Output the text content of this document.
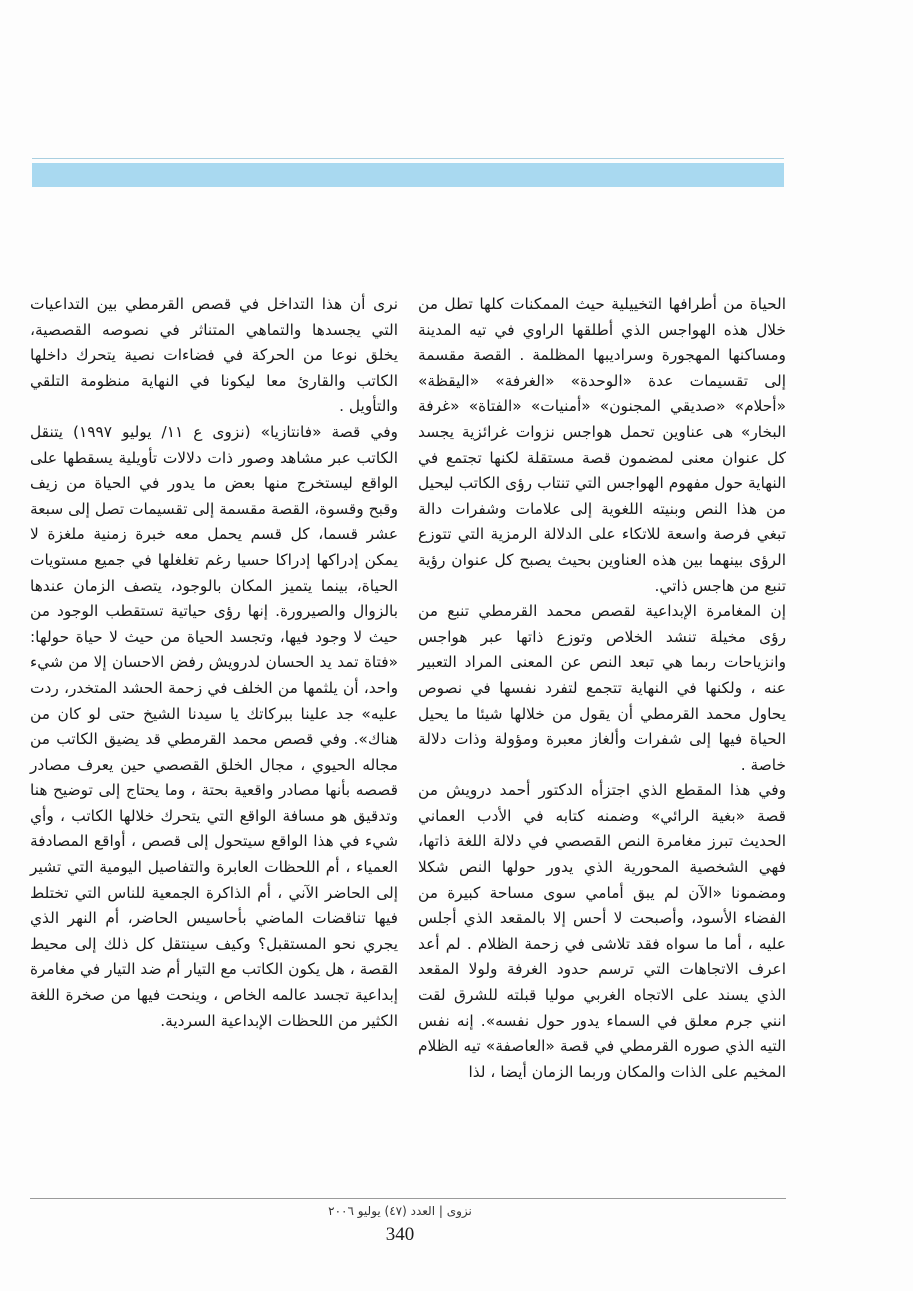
الحياة من أطرافها التخييلية حيث الممكنات كلها تطل من خلال هذه الهواجس الذي أطلقها الراوي في تيه المدينة ومساكنها المهجورة وسراديبها المظلمة . القصة مقسمة إلى تقسيمات عدة «الوحدة» «الغرفة» «اليقظة» «أحلام» «صديقي المجنون» «أمنيات» «الفتاة» «غرفة البخار» هى عناوين تحمل هواجس نزوات غرائزية يجسد كل عنوان معنى لمضمون قصة مستقلة لكنها تجتمع في النهاية حول مفهوم الهواجس التي تنتاب رؤى الكاتب ليحيل من هذا النص وبنيته اللغوية إلى علامات وشفرات دالة تبغي فرصة واسعة للاتكاء على الدلالة الرمزية التي تتوزع الرؤى بينهما بين هذه العناوين بحيث يصبح كل عنوان رؤية تنبع من هاجس ذاتي.

إن المغامرة الإبداعية لقصص محمد القرمطي تنبع من رؤى مخيلة تنشد الخلاص وتوزع ذاتها عبر هواجس وانزياحات ربما هي تبعد النص عن المعنى المراد التعبير عنه ، ولكنها في النهاية تتجمع لتفرد نفسها في نصوص يحاول محمد القرمطي أن يقول من خلالها شيئا ما يحيل الحياة فيها إلى شفرات وألغاز معبرة ومؤولة وذات دلالة خاصة .

وفي هذا المقطع الذي اجتزأه الدكتور أحمد درويش من قصة «بغية الرائي» وضمنه كتابه في الأدب العماني الحديث تبرز مغامرة النص القصصي في دلالة اللغة ذاتها، فهي الشخصية المحورية الذي يدور حولها النص شكلا ومضمونا «الآن لم يبق أمامي سوى مساحة كبيرة من الفضاء الأسود، وأصبحت لا أحس إلا بالمقعد الذي أجلس عليه ، أما ما سواه فقد تلاشى في زحمة الظلام . لم أعد اعرف الاتجاهات التي ترسم حدود الغرفة ولولا المقعد الذي يسند على الاتجاه الغربي موليا قبلته للشرق لقت انني جرم معلق في السماء يدور حول نفسه». إنه نفس التيه الذي صوره القرمطي في قصة «العاصفة» تيه الظلام المخيم على الذات والمكان وربما الزمان أيضا ، لذا

نرى أن هذا التداخل في قصص القرمطي بين التداعيات التي يجسدها والتماهي المتناثر في نصوصه القصصية، يخلق نوعا من الحركة في فضاءات نصية يتحرك داخلها الكاتب والقارئ معا ليكونا في النهاية منظومة التلقي والتأويل .

وفي قصة «فانتازيا» (نزوى ع ١١/ يوليو ١٩٩٧) يتنقل الكاتب عبر مشاهد وصور ذات دلالات تأويلية يسقطها على الواقع ليستخرج منها بعض ما يدور في الحياة من زيف وقبح وقسوة، القصة مقسمة إلى تقسيمات تصل إلى سبعة عشر قسما، كل قسم يحمل معه خبرة زمنية ملغزة لا يمكن إدراكها إدراكا حسيا رغم تغلغلها في جميع مستويات الحياة، بينما يتميز المكان بالوجود، يتصف الزمان عندها بالزوال والصيرورة. إنها رؤى حياتية تستقطب الوجود من حيث لا وجود فيها، وتجسد الحياة من حيث لا حياة حولها: «فتاة تمد يد الحسان لدرويش رفض الاحسان إلا من شيء واحد، أن يلثمها من الخلف في زحمة الحشد المتخدر، ردت عليه» جد علينا ببركاتك يا سيدنا الشيخ حتى لو كان من هناك». وفي قصص محمد القرمطي قد يضيق الكاتب من مجاله الحيوي ، مجال الخلق القصصي حين يعرف مصادر قصصه بأنها مصادر واقعية بحتة ، وما يحتاج إلى توضيح هنا وتدقيق هو مسافة الواقع التي يتحرك خلالها الكاتب ، وأي شيء في هذا الواقع سيتحول إلى قصص ، أواقع المصادفة العمياء ، أم اللحظات العابرة والتفاصيل اليومية التي تشير إلى الحاضر الآني ، أم الذاكرة الجمعية للناس التي تختلط فيها تناقضات الماضي بأحاسيس الحاضر، أم النهر الذي يجري نحو المستقبل؟ وكيف سينتقل كل ذلك إلى محيط القصة ، هل يكون الكاتب مع التيار أم ضد التيار في مغامرة إبداعية تجسد عالمه الخاص ، وينحت فيها من صخرة اللغة الكثير من اللحظات الإبداعية السردية.

نزوى | العدد (٤٧) يوليو ٢٠٠٦
340
